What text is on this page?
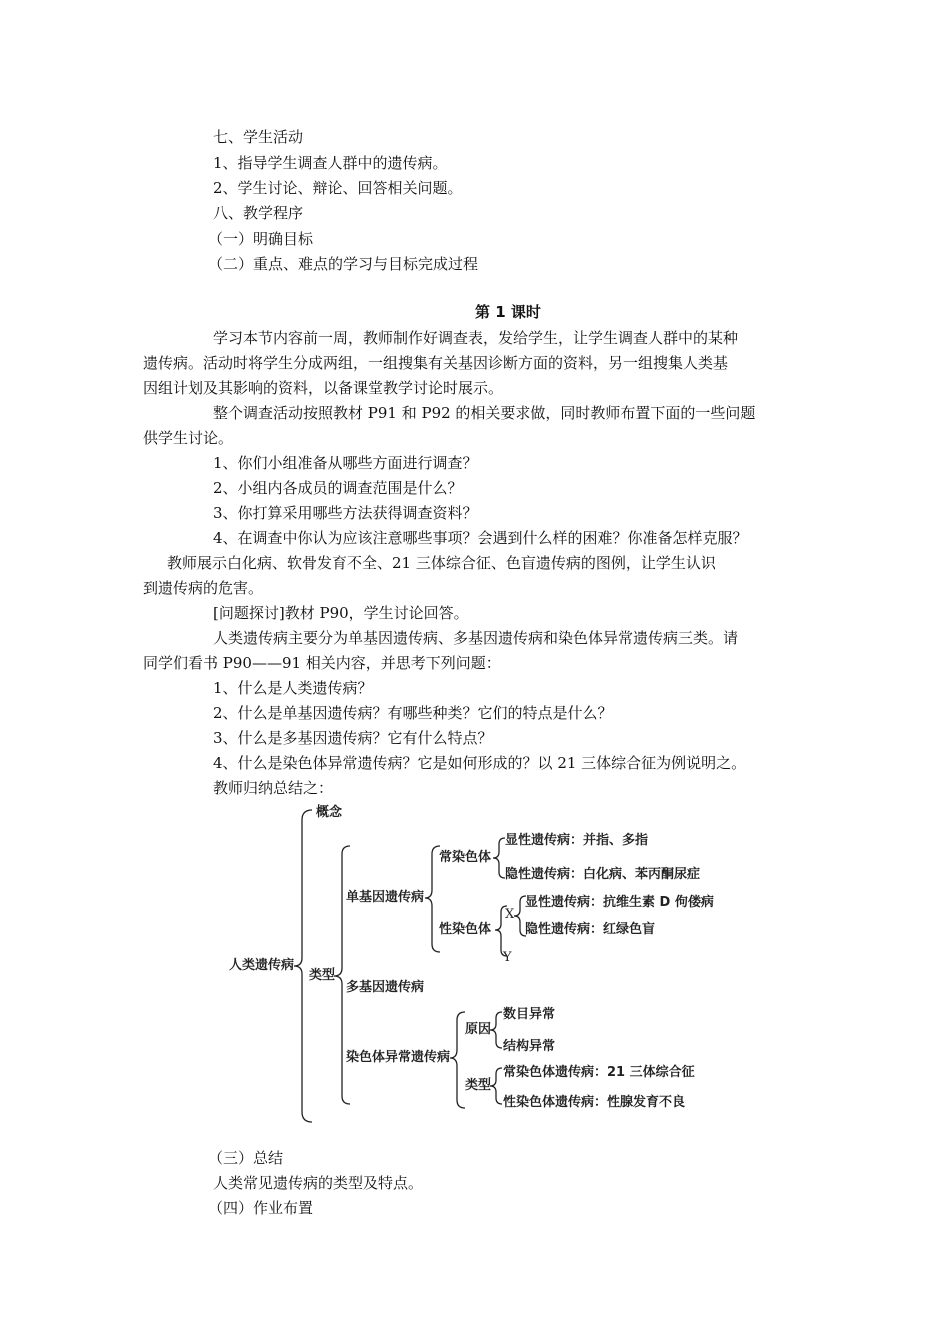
七、学生活动
1、指导学生调查人群中的遗传病。
2、学生讨论、辩论、回答相关问题。
八、教学程序
（一）明确目标
（二）重点、难点的学习与目标完成过程
第 1 课时
学习本节内容前一周，教师制作好调查表，发给学生，让学生调查人群中的某种
遗传病。活动时将学生分成两组，一组搜集有关基因诊断方面的资料，另一组搜集人类基
因组计划及其影响的资料，以备课堂教学讨论时展示。
整个调查活动按照教材 P91 和 P92 的相关要求做，同时教师布置下面的一些问题
供学生讨论。
1、你们小组准备从哪些方面进行调查？
2、小组内各成员的调查范围是什么？
3、你打算采用哪些方法获得调查资料？
4、在调查中你认为应该注意哪些事项？会遇到什么样的困难？你准备怎样克服？
教师展示白化病、软骨发育不全、21 三体综合征、色盲遗传病的图例，让学生认识
到遗传病的危害。
[问题探讨]教材 P90，学生讨论回答。
人类遗传病主要分为单基因遗传病、多基因遗传病和染色体异常遗传病三类。请
同学们看书 P90——91 相关内容，并思考下列问题：
1、什么是人类遗传病？
2、什么是单基因遗传病？有哪些种类？它们的特点是什么？
3、什么是多基因遗传病？它有什么特点？
4、什么是染色体异常遗传病？它是如何形成的？以 21 三体综合征为例说明之。
教师归纳总结之：
人类遗传病
概念
类型
单基因遗传病
常染色体
显性遗传病：并指、多指
隐性遗传病：白化病、苯丙酮尿症
性染色体
X
Y
显性遗传病：抗维生素 D 佝偻病
隐性遗传病：红绿色盲
多基因遗传病
染色体异常遗传病
原因
数目异常
结构异常
类型
常染色体遗传病：21 三体综合征
性染色体遗传病：性腺发育不良
（三）总结
人类常见遗传病的类型及特点。
（四）作业布置
